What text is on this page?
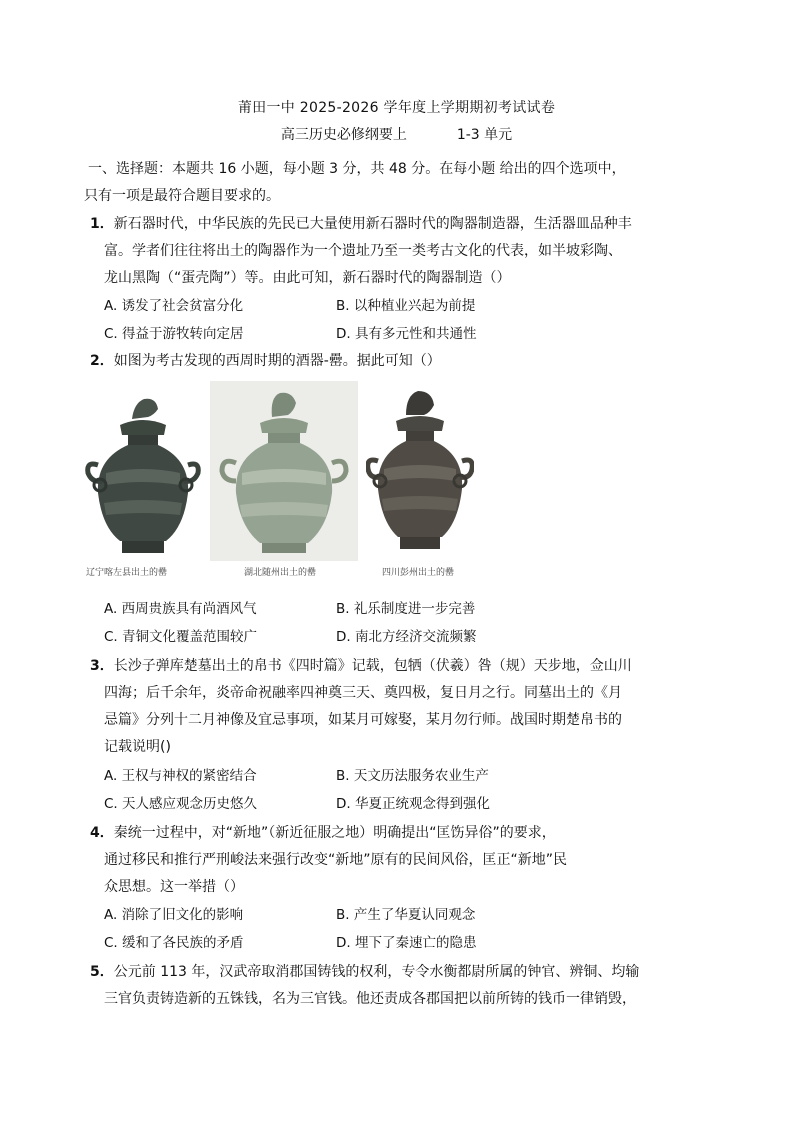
莆田一中 2025-2026 学年度上学期期初考试试卷
高三历史必修纲要上	1-3 单元
一、选择题：本题共 16 小题，每小题 3 分，共 48 分。在每小题 给出的四个选项中，
只有一项是最符合题目要求的。
1．新石器时代，中华民族的先民已大量使用新石器时代的陶器制造器，生活器皿品种丰
富。学者们往往将出土的陶器作为一个遗址乃至一类考古文化的代表，如半坡彩陶、
龙山黑陶（“蛋壳陶”）等。由此可知，新石器时代的陶器制造（）
A. 诱发了社会贫富分化	B. 以种植业兴起为前提
C. 得益于游牧转向定居	D. 具有多元性和共通性
2．如图为考古发现的西周时期的酒器-罍。据此可知（）
辽宁喀左县出土的罍	湖北随州出土的罍	四川彭州出土的罍
A. 西周贵族具有尚酒风气	B. 礼乐制度进一步完善
C. 青铜文化覆盖范围较广	D. 南北方经济交流频繁
3．长沙子弹库楚墓出土的帛书《四时篇》记载，包牺（伏羲）咎（规）天步地，佥山川
四海；后千余年，炎帝命祝融率四神奠三天、奠四极，复日月之行。同墓出土的《月
忌篇》分列十二月神像及宜忌事项，如某月可嫁娶，某月勿行师。战国时期楚帛书的
记载说明()
A. 王权与神权的紧密结合	B. 天文历法服务农业生产
C. 天人感应观念历史悠久	D. 华夏正统观念得到强化
4．秦统一过程中，对“新地”（新近征服之地）明确提出“匡饬异俗”的要求，
通过移民和推行严刑峻法来强行改变“新地”原有的民间风俗，匡正“新地”民
众思想。这一举措（）
A. 消除了旧文化的影响	B. 产生了华夏认同观念
C. 缓和了各民族的矛盾	D. 埋下了秦速亡的隐患
5．公元前 113 年，汉武帝取消郡国铸钱的权利，专令水衡都尉所属的钟官、辨铜、均输
三官负责铸造新的五铢钱，名为三官钱。他还责成各郡国把以前所铸的钱币一律销毁，
